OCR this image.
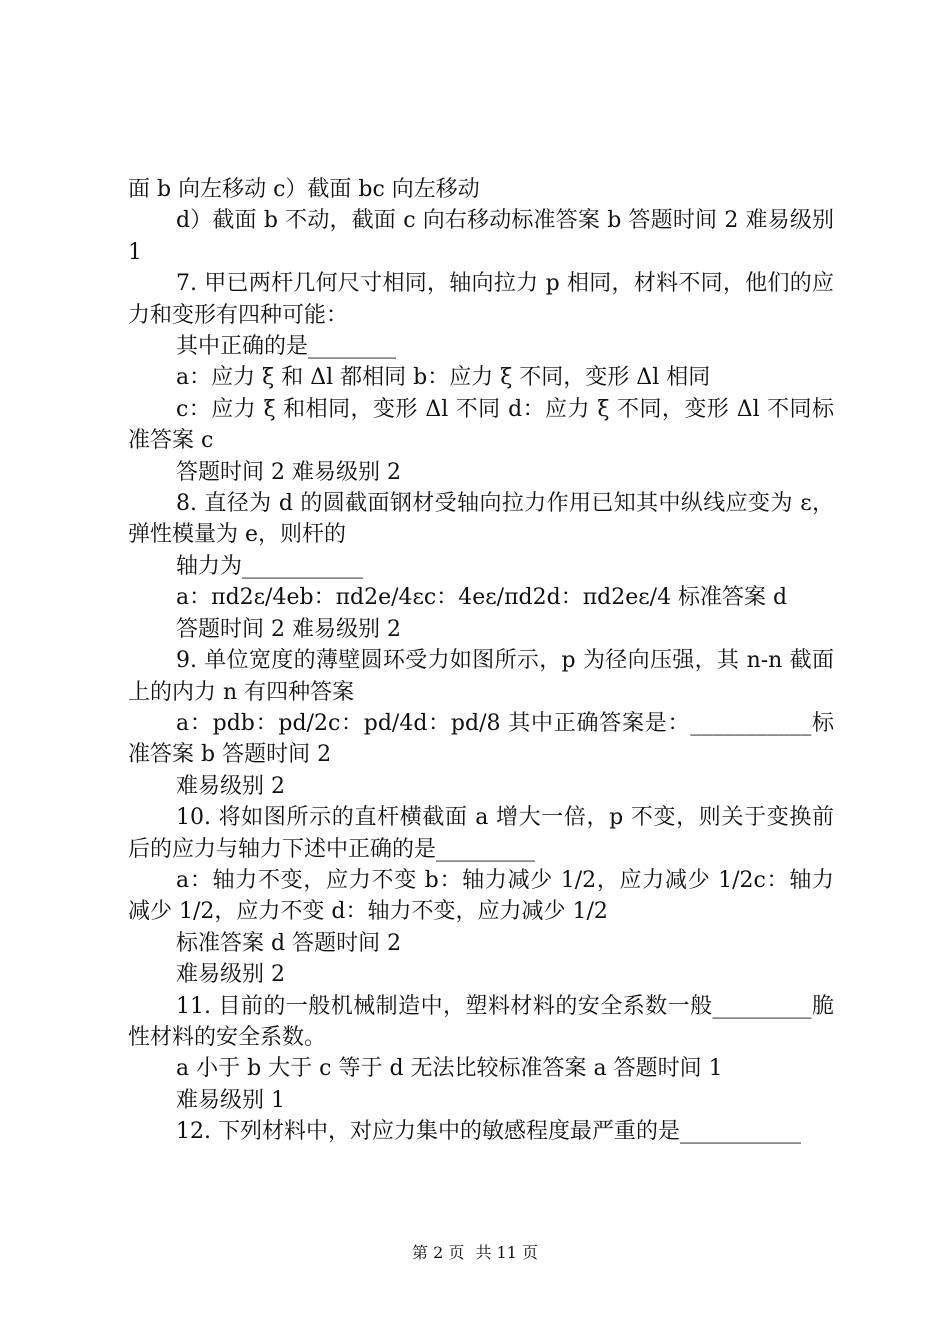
面 b 向左移动 c）截面 bc 向左移动

d）截面 b 不动，截面 c 向右移动标准答案 b 答题时间 2 难易级别 1

7. 甲已两杆几何尺寸相同，轴向拉力 p 相同，材料不同，他们的应力和变形有四种可能：

其中正确的是________

a：应力 ξ 和 Δl 都相同 b：应力 ξ 不同，变形 Δl 相同

c：应力 ξ 和相同，变形 Δl 不同 d：应力 ξ 不同，变形 Δl 不同标准答案 c

答题时间 2 难易级别 2

8. 直径为 d 的圆截面钢材受轴向拉力作用已知其中纵线应变为 ε，弹性模量为 e，则杆的

轴力为___________

a：πd2ε/4eb：πd2e/4εc：4eε/πd2d：πd2eε/4 标准答案 d

答题时间 2 难易级别 2

9. 单位宽度的薄壁圆环受力如图所示，p 为径向压强，其 n-n 截面上的内力 n 有四种答案

a：pdb：pd/2c：pd/4d：pd/8 其中正确答案是：___________标准答案 b 答题时间 2

难易级别 2

10. 将如图所示的直杆横截面 a 增大一倍，p 不变，则关于变换前后的应力与轴力下述中正确的是_________

a：轴力不变，应力不变 b：轴力减少 1/2，应力减少 1/2c：轴力减少 1/2，应力不变 d：轴力不变，应力减少 1/2

标准答案 d 答题时间 2

难易级别 2

11. 目前的一般机械制造中，塑料材料的安全系数一般_________脆性材料的安全系数。

a 小于 b 大于 c 等于 d 无法比较标准答案 a 答题时间 1

难易级别 1

12. 下列材料中，对应力集中的敏感程度最严重的是___________

第 2 页 共 11 页
